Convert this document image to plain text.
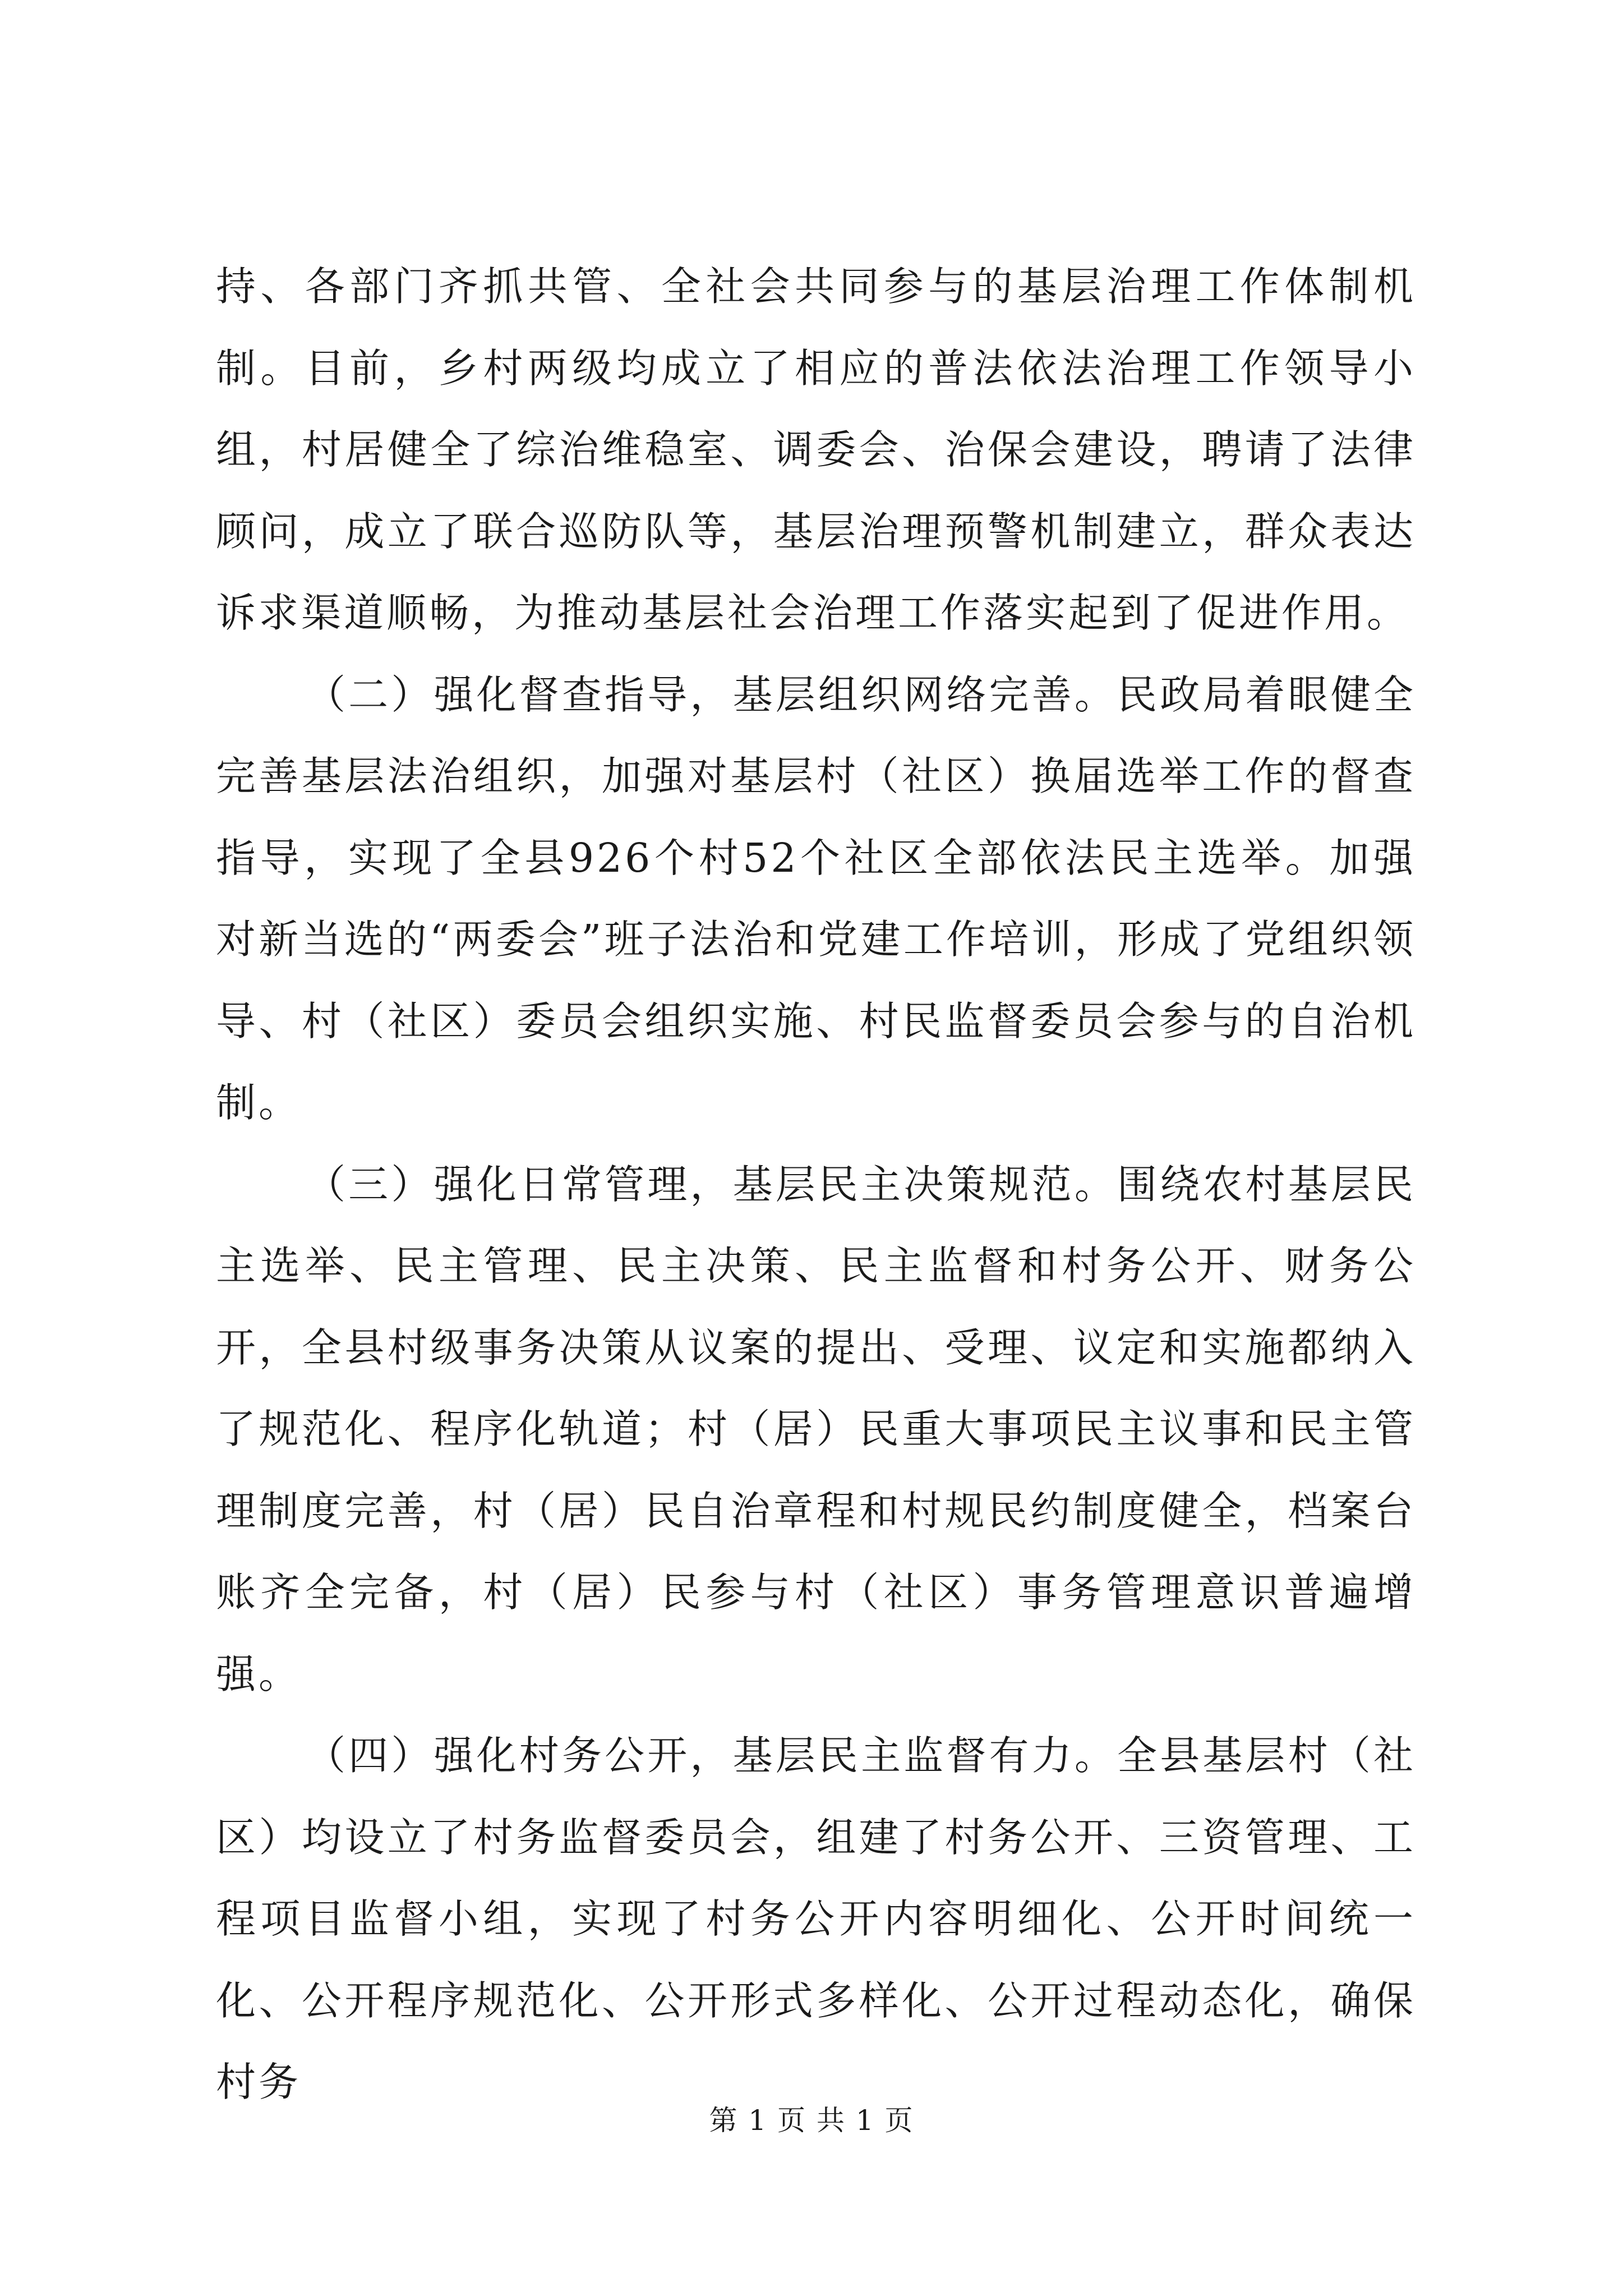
持、各部门齐抓共管、全社会共同参与的基层治理工作体制机制。目前，乡村两级均成立了相应的普法依法治理工作领导小组，村居健全了综治维稳室、调委会、治保会建设，聘请了法律顾问，成立了联合巡防队等，基层治理预警机制建立，群众表达诉求渠道顺畅，为推动基层社会治理工作落实起到了促进作用。

（二）强化督查指导，基层组织网络完善。民政局着眼健全完善基层法治组织，加强对基层村（社区）换届选举工作的督查指导，实现了全县926个村52个社区全部依法民主选举。加强对新当选的“两委会”班子法治和党建工作培训，形成了党组织领导、村（社区）委员会组织实施、村民监督委员会参与的自治机制。

（三）强化日常管理，基层民主决策规范。围绕农村基层民主选举、民主管理、民主决策、民主监督和村务公开、财务公开，全县村级事务决策从议案的提出、受理、议定和实施都纳入了规范化、程序化轨道；村（居）民重大事项民主议事和民主管理制度完善，村（居）民自治章程和村规民约制度健全，档案台账齐全完备，村（居）民参与村（社区）事务管理意识普遍增强。

（四）强化村务公开，基层民主监督有力。全县基层村（社区）均设立了村务监督委员会，组建了村务公开、三资管理、工程项目监督小组，实现了村务公开内容明细化、公开时间统一化、公开程序规范化、公开形式多样化、公开过程动态化，确保村务

第 1 页 共 1 页
